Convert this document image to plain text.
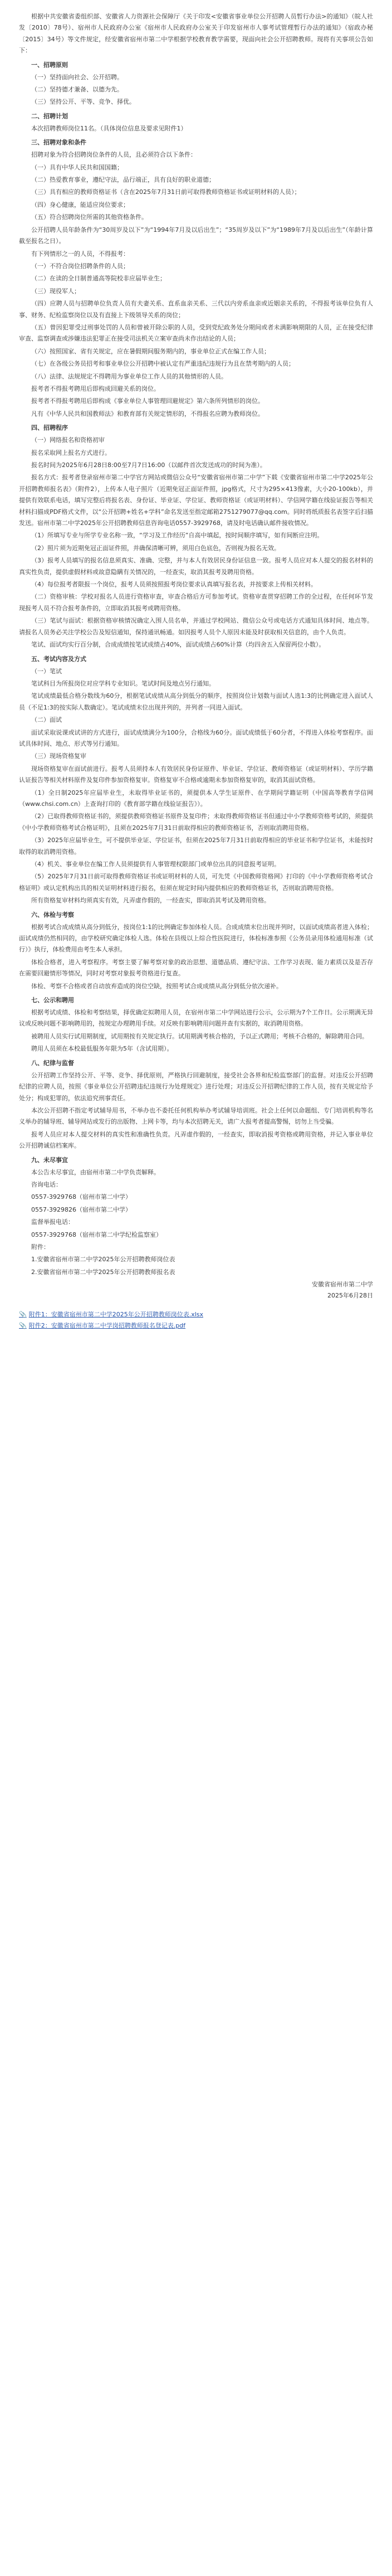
根据中共安徽省委组织部、安徽省人力资源社会保障厅《关于印发<安徽省事业单位公开招聘人员暂行办法>的通知》（皖人社发〔2010〕78号）、宿州市人民政府办公室《宿州市人民政府办公室关于印发宿州市人事考试管理暂行办法的通知》（宿政办秘〔2015〕34号）等文件规定，经安徽省宿州市第二中学根据学校教育教学需要，现面向社会公开招聘教师。现将有关事项公告如下：

一、招聘原则

（一）坚持面向社会、公开招聘。

（二）坚持德才兼备、以德为先。

（三）坚持公开、平等、竞争、择优。

二、招聘计划

本次招聘教师岗位11名。（具体岗位信息及要求见附件1）

三、招聘对象和条件

招聘对象为符合招聘岗位条件的人员，且必须符合以下条件：

（一）具有中华人民共和国国籍；

（二）热爱教育事业，遵纪守法，品行端正，具有良好的职业道德；

（三）具有相应的教师资格证书（含在2025年7月31日前可取得教师资格证书或证明材料的人员）；

（四）身心健康，能适应岗位要求；

（五）符合招聘岗位所需的其他资格条件。

公开招聘人员年龄条件为“30周岁及以下”为“1994年7月及以后出生”；“35周岁及以下”为“1989年7月及以后出生”（年龄计算截至报名之日）。

有下列情形之一的人员，不得报考：

（一）不符合岗位招聘条件的人员；

（二）在读的全日制普通高等院校非应届毕业生；

（三）现役军人；

（四）应聘人员与招聘单位负责人员有夫妻关系、直系血亲关系、三代以内旁系血亲或近姻亲关系的，不得报考该单位负有人事、财务、纪检监察岗位以及有直接上下级领导关系的岗位；

（五）曾因犯罪受过刑事处罚的人员和曾被开除公职的人员，受到党纪政务处分期间或者未满影响期限的人员，正在接受纪律审查、监察调查或涉嫌违法犯罪正在接受司法机关立案审查尚未作出结论的人员；

（六）按照国家、省有关规定，应在暑假期间服务期内的，事业单位正式在编工作人员；

（七）在各级公务员招考和事业单位公开招聘中被认定有严重违纪违规行为且在禁考期内的人员；

（八）法律、法规规定不得聘用为事业单位工作人员的其他情形的人员。

报考者不得报考聘用后即构成回避关系的岗位。

报考者不得报考聘用后即构成《事业单位人事管理回避规定》第六条所列情形的岗位。

凡有《中华人民共和国教师法》和教育部有关规定情形的，不得报名应聘为教师岗位。

四、招聘程序

（一）网络报名和资格初审

报名采取网上报名方式进行。

报名时间为2025年6月28日8:00至7月7日16:00（以邮件首次发送成功的时间为准）。

报名方式：报考者登录宿州市第二中学官方网站或微信公众号“安徽省宿州市第二中学”下载《安徽省宿州市第二中学2025年公开招聘教师报名表》（附件2），上传本人电子照片（近期免冠正面证件照，jpg格式，尺寸为295×413像素，大小20-100kb），并提供有效联系电话，填写完整后将报名表、身份证、毕业证、学位证、教师资格证（或证明材料）、学信网学籍在线验证报告等相关材料扫描成PDF格式文件，以“公开招聘+姓名+学科”命名发送至指定邮箱2751279077@qq.com。同时将纸质报名表签字后扫描发送。宿州市第二中学2025年公开招聘教师信息咨询电话0557-3929768，请及时电话确认邮件接收情况。

（1）所填写专业与所学专业名称一致，“学习及工作经历”自高中填起，按时间顺序填写，如有间断应注明。

（2）照片须为近期免冠正面证件照，并确保清晰可辨，须用白色底色，否则视为报名无效。

（3）报考人员填写的报名信息须真实、准确、完整，并与本人有效居民身份证信息一致。报考人员应对本人提交的报名材料的真实性负责，提供虚假材料或故意隐瞒有关情况的，一经查实，取消其报考及聘用资格。

（4）每位报考者限报一个岗位，报考人员须按照报考岗位要求认真填写报名表，并按要求上传相关材料。

（二）资格审核：学校对报名人员进行资格审查，审查合格后方可参加考试。资格审查贯穿招聘工作的全过程，在任何环节发现报考人员不符合报考条件的，立即取消其报考或聘用资格。

（三）笔试与面试：根据资格审核情况确定入围人员名单，并通过学校网站、微信公众号或电话方式通知具体时间、地点等。请报名人员务必关注学校公告及短信通知，保持通讯畅通。如因报考人员个人原因未能及时获取相关信息的，由个人负责。

笔试、面试均实行百分制，合成成绩按笔试成绩占40%，面试成绩占60%计算（均四舍五入保留两位小数）。

五、考试内容及方式

（一）笔试

笔试科目为所报岗位对应学科专业知识。笔试时间及地点另行通知。

笔试成绩最低合格分数线为60分，根据笔试成绩从高分到低分的顺序，按照岗位计划数与面试人选1:3的比例确定进入面试人员（不足1:3的按实际人数确定）。笔试成绩末位出现并列的，并列者一同进入面试。

（二）面试

面试采取说课或试讲的方式进行，面试成绩满分为100分，合格线为60分。面试成绩低于60分者，不得进入体检考察程序。面试具体时间、地点、形式等另行通知。

（三）现场资格复审

现场资格复审在面试前进行。报考人员须持本人有效居民身份证原件、毕业证、学位证、教师资格证（或证明材料）、学历学籍认证报告等相关材料原件及复印件参加资格复审。资格复审不合格或逾期未参加资格复审的，取消其面试资格。

（1）全日制2025年应届毕业生，未取得毕业证书的，须提供本人学生证原件、在学期间学籍证明（中国高等教育学信网（www.chsi.com.cn）上查询打印的《教育部学籍在线验证报告》）。

（2）已取得教师资格证书的，须提供教师资格证书原件及复印件；未取得教师资格证书但通过中小学教师资格考试的，须提供《中小学教师资格考试合格证明》，且须在2025年7月31日前取得相应的教师资格证书，否则取消聘用资格。

（3）2025年应届毕业生，可不提供毕业证、学位证书，但须在2025年7月31日前取得相应的毕业证书和学位证书，未能按时取得的取消聘用资格。

（4）机关、事业单位在编工作人员须提供有人事管理权限部门或单位出具的同意报考证明。

（5）2025年7月31日前可取得教师资格证书或证明材料的人员，可先凭《中国教师资格网》打印的《中小学教师资格考试合格证明》或认定机构出具的相关证明材料进行报名，但须在规定时间内提供相应的教师资格证书，否则取消聘用资格。

所有资格复审材料均须真实有效，凡弄虚作假的，一经查实，即取消其考试及聘用资格。

六、体检与考察

根据考试合成成绩从高分到低分，按岗位1:1的比例确定参加体检人员。合成成绩末位出现并列时，以面试成绩高者进入体检；面试成绩仍然相同的，由学校研究确定体检人选。体检在县级以上综合性医院进行，体检标准参照《公务员录用体检通用标准（试行）》执行，体检费用由考生本人承担。

体检合格者，进入考察程序。考察主要了解考察对象的政治思想、道德品质、遵纪守法、工作学习表现、能力素质以及是否存在需要回避情形等情况，同时对考察对象报考资格进行复查。

体检、考察不合格或者自动放弃造成的岗位空缺，按照考试合成成绩从高分到低分依次递补。

七、公示和聘用

根据考试成绩、体检和考察结果，择优确定拟聘用人员，在宿州市第二中学网站进行公示，公示期为7个工作日。公示期满无异议或反映问题不影响聘用的，按规定办理聘用手续。对反映有影响聘用问题并查有实据的，取消聘用资格。

被聘用人员实行试用期制度，试用期按有关规定执行。试用期满考核合格的，予以正式聘用；考核不合格的，解除聘用合同。

聘用人员须在本校最低服务年限为5年（含试用期）。

八、纪律与监督

公开招聘工作坚持公开、平等、竞争、择优原则，严格执行回避制度，接受社会各界和纪检监察部门的监督。对违反公开招聘纪律的应聘人员，按照《事业单位公开招聘违纪违规行为处理规定》进行处理；对违反公开招聘纪律的工作人员，按有关规定给予处分；构成犯罪的，依法追究刑事责任。

本次公开招聘不指定考试辅导用书，不举办也不委托任何机构举办考试辅导培训班。社会上任何以命题组、专门培训机构等名义举办的辅导班、辅导网站或发行的出版物、上网卡等，均与本次招聘无关，请广大报考者提高警惕，切勿上当受骗。

报考人员应对本人提交材料的真实性和准确性负责。凡弄虚作假的，一经查实，即取消报考资格或聘用资格，并记入事业单位公开招聘诚信档案库。

九、未尽事宜

本公告未尽事宜，由宿州市第二中学负责解释。

咨询电话：

0557-3929768（宿州市第二中学）

0557-3929826（宿州市第二中学）

监督举报电话：

0557-3929768（宿州市第二中学纪检监察室）

附件：

1.安徽省宿州市第二中学2025年公开招聘教师岗位表

2.安徽省宿州市第二中学2025年公开招聘教师报名表

安徽省宿州市第二中学

2025年6月28日

📎 附件1：安徽省宿州市第二中学2025年公开招聘教师岗位表.xlsx
📎 附件2：安徽省宿州市第二中学岗招聘教师报名登记表.pdf
